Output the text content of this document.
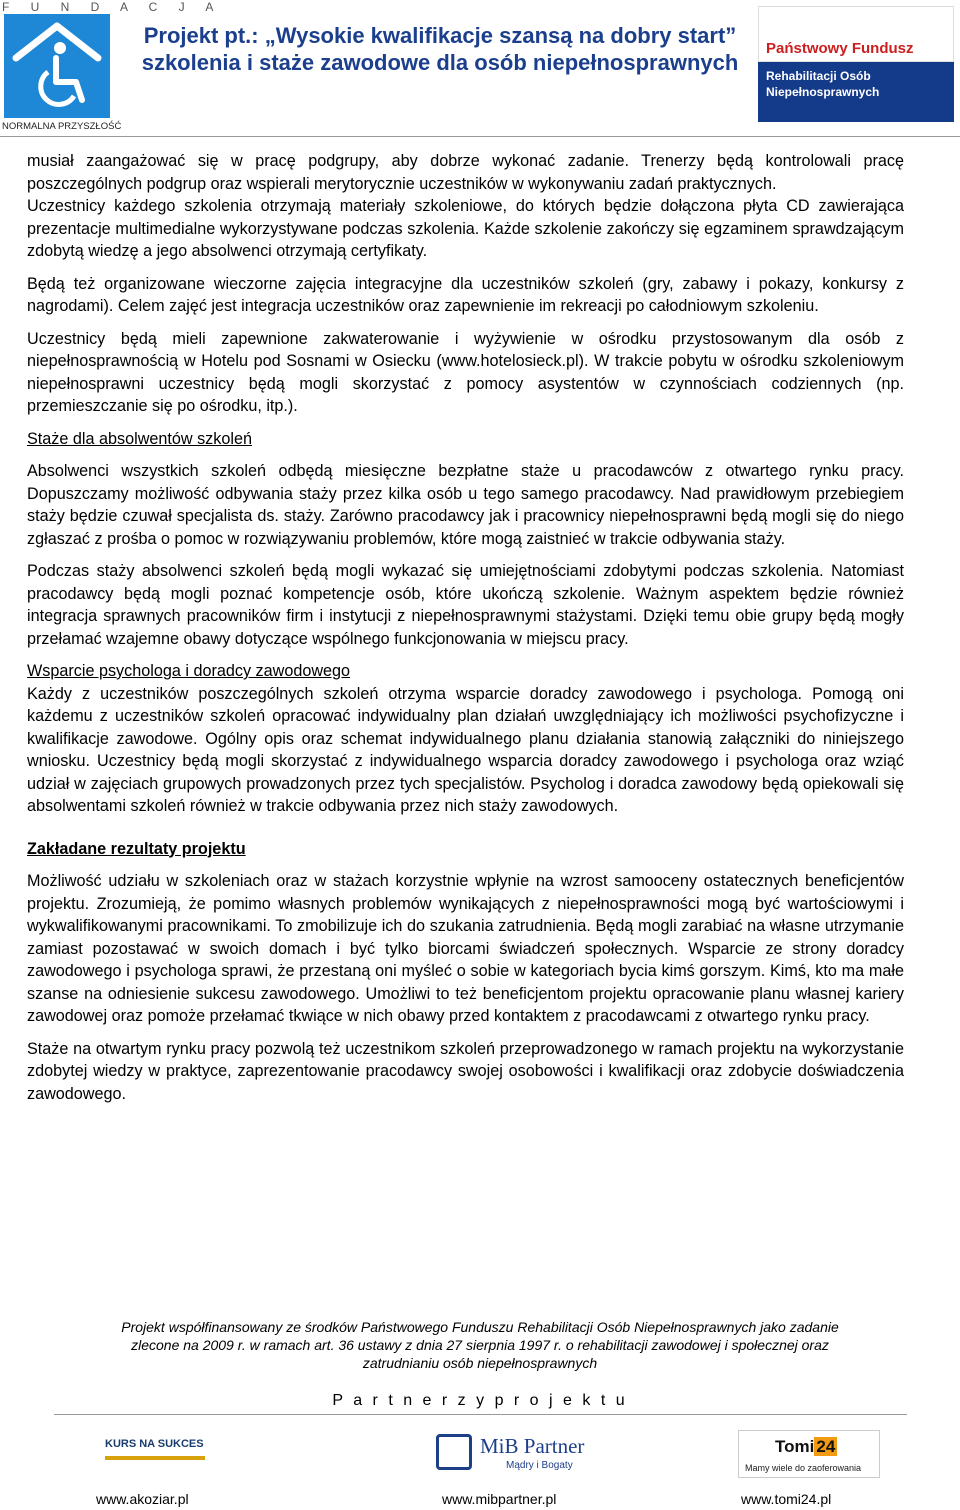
F U N D A C J A
NORMALNA PRZYSZŁOŚĆ
Projekt pt.: „Wysokie kwalifikacje szansą na dobry start” szkolenia i staże zawodowe dla osób niepełnosprawnych
Państwowy Fundusz
Rehabilitacji Osób
Niepełnosprawnych
musiał zaangażować się w pracę podgrupy, aby dobrze wykonać zadanie. Trenerzy będą kontrolowali pracę poszczególnych podgrup oraz wspierali merytorycznie uczestników w wykonywaniu zadań praktycznych.
Uczestnicy każdego szkolenia otrzymają materiały szkoleniowe, do których będzie dołączona płyta CD zawierająca prezentacje multimedialne wykorzystywane podczas szkolenia. Każde szkolenie zakończy się egzaminem sprawdzającym zdobytą wiedzę a jego absolwenci otrzymają certyfikaty.
Będą też organizowane wieczorne zajęcia integracyjne dla uczestników szkoleń (gry, zabawy i pokazy, konkursy z nagrodami). Celem zajęć jest integracja uczestników oraz zapewnienie im rekreacji po całodniowym szkoleniu.
Uczestnicy będą mieli zapewnione zakwaterowanie i wyżywienie w ośrodku przystosowanym dla osób z niepełnosprawnością w Hotelu pod Sosnami w Osiecku (www.hotelosieck.pl). W trakcie pobytu w ośrodku szkoleniowym niepełnosprawni uczestnicy będą mogli skorzystać z pomocy asystentów w czynnościach codziennych (np. przemieszczanie się po ośrodku, itp.).
Staże dla absolwentów szkoleń
Absolwenci wszystkich szkoleń odbędą miesięczne bezpłatne staże u pracodawców z otwartego rynku pracy. Dopuszczamy możliwość odbywania staży przez kilka osób u tego samego pracodawcy. Nad prawidłowym przebiegiem staży będzie czuwał specjalista ds. staży. Zarówno pracodawcy jak i pracownicy niepełnosprawni będą mogli się do niego zgłaszać z prośba o pomoc w rozwiązywaniu problemów, które mogą zaistnieć w trakcie odbywania staży.
Podczas staży absolwenci szkoleń będą mogli wykazać się umiejętnościami zdobytymi podczas szkolenia. Natomiast pracodawcy będą mogli poznać kompetencje osób, które ukończą szkolenie. Ważnym aspektem będzie również integracja sprawnych pracowników firm i instytucji z niepełnosprawnymi stażystami. Dzięki temu obie grupy będą mogły przełamać wzajemne obawy dotyczące wspólnego funkcjonowania w miejscu pracy.
Wsparcie psychologa i doradcy zawodowego
Każdy z uczestników poszczególnych szkoleń otrzyma wsparcie doradcy zawodowego i psychologa. Pomogą oni każdemu z uczestników szkoleń opracować indywidualny plan działań uwzględniający ich możliwości psychofizyczne i kwalifikacje zawodowe. Ogólny opis oraz schemat indywidualnego planu działania stanowią załączniki do niniejszego wniosku. Uczestnicy będą mogli skorzystać z indywidualnego wsparcia doradcy zawodowego i psychologa oraz wziąć udział w zajęciach grupowych prowadzonych przez tych specjalistów. Psycholog i doradca zawodowy będą opiekowali się absolwentami szkoleń również w trakcie odbywania przez nich staży zawodowych.
Zakładane rezultaty projektu
Możliwość udziału w szkoleniach oraz w stażach korzystnie wpłynie na wzrost samooceny ostatecznych beneficjentów projektu. Zrozumieją, że pomimo własnych problemów wynikających z niepełnosprawności mogą być wartościowymi i wykwalifikowanymi pracownikami. To zmobilizuje ich do szukania zatrudnienia. Będą mogli zarabiać na własne utrzymanie zamiast pozostawać w swoich domach i być tylko biorcami świadczeń społecznych. Wsparcie ze strony doradcy zawodowego i psychologa sprawi, że przestaną oni myśleć o sobie w kategoriach bycia kimś gorszym. Kimś, kto ma małe szanse na odniesienie sukcesu zawodowego. Umożliwi to też beneficjentom projektu opracowanie planu własnej kariery zawodowej oraz pomoże przełamać tkwiące w nich obawy przed kontaktem z pracodawcami z otwartego rynku pracy.
Staże na otwartym rynku pracy pozwolą też uczestnikom szkoleń przeprowadzonego w ramach projektu na wykorzystanie zdobytej wiedzy w praktyce, zaprezentowanie pracodawcy swojej osobowości i kwalifikacji oraz zdobycie doświadczenia zawodowego.
Projekt współfinansowany ze środków Państwowego Funduszu Rehabilitacji Osób Niepełnosprawnych jako zadanie
zlecone na 2009 r. w ramach art. 36 ustawy z dnia 27 sierpnia 1997 r. o rehabilitacji zawodowej i społecznej oraz
zatrudnianiu osób niepełnosprawnych
P a r t n e r z y p r o j e k t u
KURS NA SUKCES	MiB Partner
Mądry i Bogaty
Tomi 24
Mamy wiele do zaoferowania
www.akoziar.pl	www.mibpartner.pl	www.tomi24.pl
